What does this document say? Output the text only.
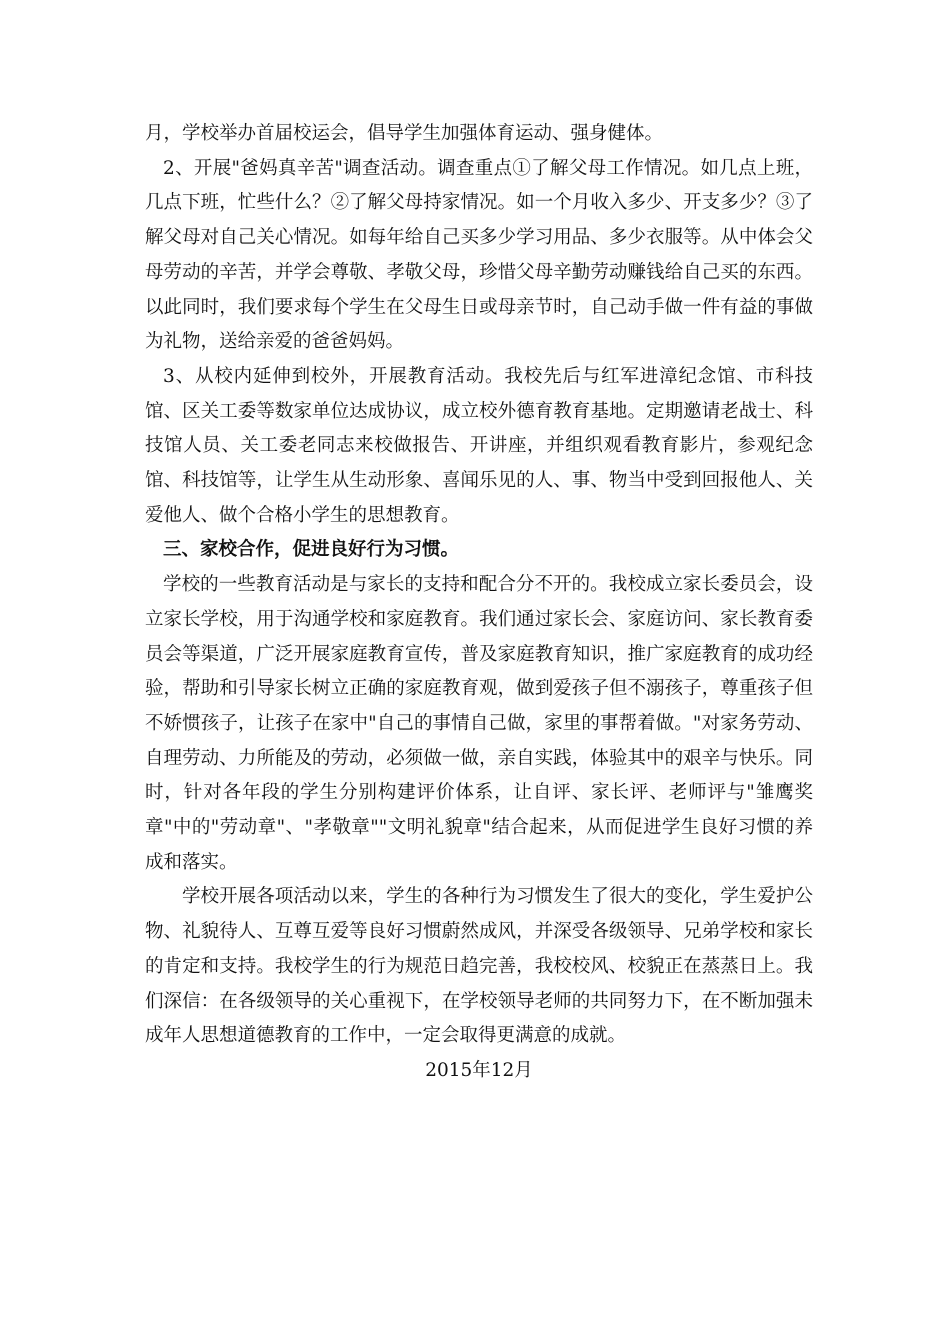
月，学校举办首届校运会，倡导学生加强体育运动、强身健体。

2、开展"爸妈真辛苦"调查活动。调查重点①了解父母工作情况。如几点上班，几点下班，忙些什么？②了解父母持家情况。如一个月收入多少、开支多少？③了解父母对自己关心情况。如每年给自己买多少学习用品、多少衣服等。从中体会父母劳动的辛苦，并学会尊敬、孝敬父母，珍惜父母辛勤劳动赚钱给自己买的东西。以此同时，我们要求每个学生在父母生日或母亲节时，自己动手做一件有益的事做为礼物，送给亲爱的爸爸妈妈。

3、从校内延伸到校外，开展教育活动。我校先后与红军进漳纪念馆、市科技馆、区关工委等数家单位达成协议，成立校外德育教育基地。定期邀请老战士、科技馆人员、关工委老同志来校做报告、开讲座，并组织观看教育影片，参观纪念馆、科技馆等，让学生从生动形象、喜闻乐见的人、事、物当中受到回报他人、关爱他人、做个合格小学生的思想教育。

三、家校合作，促进良好行为习惯。

学校的一些教育活动是与家长的支持和配合分不开的。我校成立家长委员会，设立家长学校，用于沟通学校和家庭教育。我们通过家长会、家庭访问、家长教育委员会等渠道，广泛开展家庭教育宣传，普及家庭教育知识，推广家庭教育的成功经验，帮助和引导家长树立正确的家庭教育观，做到爱孩子但不溺孩子，尊重孩子但不娇惯孩子，让孩子在家中"自己的事情自己做，家里的事帮着做。"对家务劳动、自理劳动、力所能及的劳动，必须做一做，亲自实践，体验其中的艰辛与快乐。同时，针对各年段的学生分别构建评价体系，让自评、家长评、老师评与"雏鹰奖章"中的"劳动章"、"孝敬章""文明礼貌章"结合起来，从而促进学生良好习惯的养成和落实。

学校开展各项活动以来，学生的各种行为习惯发生了很大的变化，学生爱护公物、礼貌待人、互尊互爱等良好习惯蔚然成风，并深受各级领导、兄弟学校和家长的肯定和支持。我校学生的行为规范日趋完善，我校校风、校貌正在蒸蒸日上。我们深信：在各级领导的关心重视下，在学校领导老师的共同努力下，在不断加强未成年人思想道德教育的工作中，一定会取得更满意的成就。

2015年12月
